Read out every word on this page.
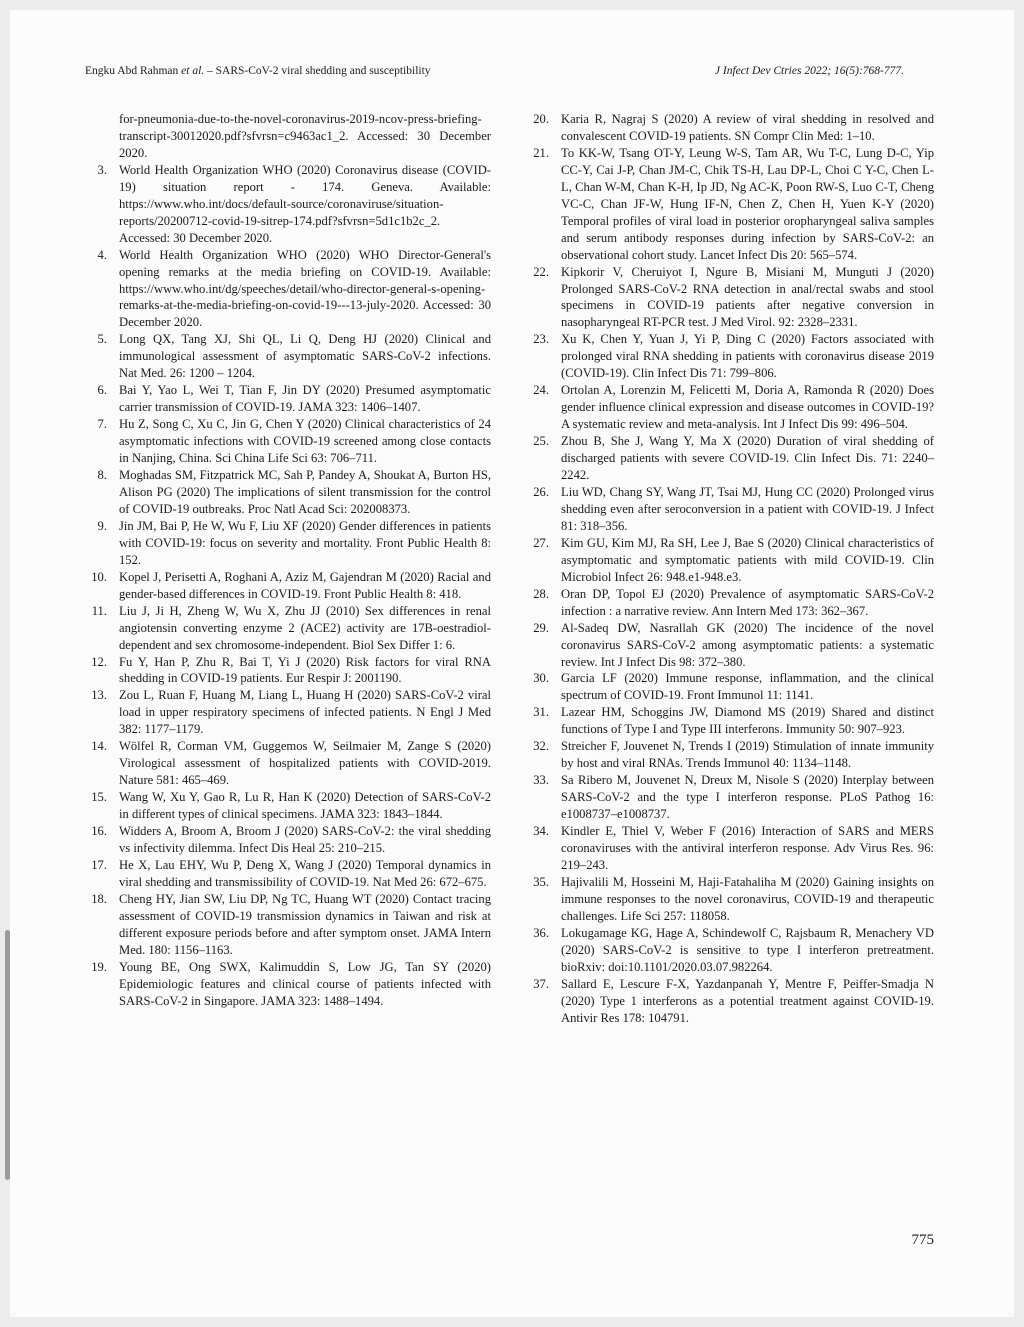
Engku Abd Rahman et al. – SARS-CoV-2 viral shedding and susceptibility	J Infect Dev Ctries 2022; 16(5):768-777.
for-pneumonia-due-to-the-novel-coronavirus-2019-ncov-press-briefing-transcript-30012020.pdf?sfvrsn=c9463ac1_2. Accessed: 30 December 2020.
3. World Health Organization WHO (2020) Coronavirus disease (COVID-19) situation report - 174. Geneva. Available: https://www.who.int/docs/default-source/coronaviruse/situation-reports/20200712-covid-19-sitrep-174.pdf?sfvrsn=5d1c1b2c_2. Accessed: 30 December 2020.
4. World Health Organization WHO (2020) WHO Director-General's opening remarks at the media briefing on COVID-19. Available: https://www.who.int/dg/speeches/detail/who-director-general-s-opening-remarks-at-the-media-briefing-on-covid-19---13-july-2020. Accessed: 30 December 2020.
5. Long QX, Tang XJ, Shi QL, Li Q, Deng HJ (2020) Clinical and immunological assessment of asymptomatic SARS-CoV-2 infections. Nat Med. 26: 1200 – 1204.
6. Bai Y, Yao L, Wei T, Tian F, Jin DY (2020) Presumed asymptomatic carrier transmission of COVID-19. JAMA 323: 1406–1407.
7. Hu Z, Song C, Xu C, Jin G, Chen Y (2020) Clinical characteristics of 24 asymptomatic infections with COVID-19 screened among close contacts in Nanjing, China. Sci China Life Sci 63: 706–711.
8. Moghadas SM, Fitzpatrick MC, Sah P, Pandey A, Shoukat A, Burton HS, Alison PG (2020) The implications of silent transmission for the control of COVID-19 outbreaks. Proc Natl Acad Sci: 202008373.
9. Jin JM, Bai P, He W, Wu F, Liu XF (2020) Gender differences in patients with COVID-19: focus on severity and mortality. Front Public Health 8: 152.
10. Kopel J, Perisetti A, Roghani A, Aziz M, Gajendran M (2020) Racial and gender-based differences in COVID-19. Front Public Health 8: 418.
11. Liu J, Ji H, Zheng W, Wu X, Zhu JJ (2010) Sex differences in renal angiotensin converting enzyme 2 (ACE2) activity are 17B-oestradiol-dependent and sex chromosome-independent. Biol Sex Differ 1: 6.
12. Fu Y, Han P, Zhu R, Bai T, Yi J (2020) Risk factors for viral RNA shedding in COVID-19 patients. Eur Respir J: 2001190.
13. Zou L, Ruan F, Huang M, Liang L, Huang H (2020) SARS-CoV-2 viral load in upper respiratory specimens of infected patients. N Engl J Med 382: 1177–1179.
14. Wölfel R, Corman VM, Guggemos W, Seilmaier M, Zange S (2020) Virological assessment of hospitalized patients with COVID-2019. Nature 581: 465–469.
15. Wang W, Xu Y, Gao R, Lu R, Han K (2020) Detection of SARS-CoV-2 in different types of clinical specimens. JAMA 323: 1843–1844.
16. Widders A, Broom A, Broom J (2020) SARS-CoV-2: the viral shedding vs infectivity dilemma. Infect Dis Heal 25: 210–215.
17. He X, Lau EHY, Wu P, Deng X, Wang J (2020) Temporal dynamics in viral shedding and transmissibility of COVID-19. Nat Med 26: 672–675.
18. Cheng HY, Jian SW, Liu DP, Ng TC, Huang WT (2020) Contact tracing assessment of COVID-19 transmission dynamics in Taiwan and risk at different exposure periods before and after symptom onset. JAMA Intern Med. 180: 1156–1163.
19. Young BE, Ong SWX, Kalimuddin S, Low JG, Tan SY (2020) Epidemiologic features and clinical course of patients infected with SARS-CoV-2 in Singapore. JAMA 323: 1488–1494.
20. Karia R, Nagraj S (2020) A review of viral shedding in resolved and convalescent COVID-19 patients. SN Compr Clin Med: 1–10.
21. To KK-W, Tsang OT-Y, Leung W-S, Tam AR, Wu T-C, Lung D-C, Yip CC-Y, Cai J-P, Chan JM-C, Chik TS-H, Lau DP-L, Choi C Y-C, Chen L-L, Chan W-M, Chan K-H, Ip JD, Ng AC-K, Poon RW-S, Luo C-T, Cheng VC-C, Chan JF-W, Hung IF-N, Chen Z, Chen H, Yuen K-Y (2020) Temporal profiles of viral load in posterior oropharyngeal saliva samples and serum antibody responses during infection by SARS-CoV-2: an observational cohort study. Lancet Infect Dis 20: 565–574.
22. Kipkorir V, Cheruiyot I, Ngure B, Misiani M, Munguti J (2020) Prolonged SARS-CoV-2 RNA detection in anal/rectal swabs and stool specimens in COVID-19 patients after negative conversion in nasopharyngeal RT-PCR test. J Med Virol. 92: 2328–2331.
23. Xu K, Chen Y, Yuan J, Yi P, Ding C (2020) Factors associated with prolonged viral RNA shedding in patients with coronavirus disease 2019 (COVID-19). Clin Infect Dis 71: 799–806.
24. Ortolan A, Lorenzin M, Felicetti M, Doria A, Ramonda R (2020) Does gender influence clinical expression and disease outcomes in COVID-19? A systematic review and meta-analysis. Int J Infect Dis 99: 496–504.
25. Zhou B, She J, Wang Y, Ma X (2020) Duration of viral shedding of discharged patients with severe COVID-19. Clin Infect Dis. 71: 2240–2242.
26. Liu WD, Chang SY, Wang JT, Tsai MJ, Hung CC (2020) Prolonged virus shedding even after seroconversion in a patient with COVID-19. J Infect 81: 318–356.
27. Kim GU, Kim MJ, Ra SH, Lee J, Bae S (2020) Clinical characteristics of asymptomatic and symptomatic patients with mild COVID-19. Clin Microbiol Infect 26: 948.e1-948.e3.
28. Oran DP, Topol EJ (2020) Prevalence of asymptomatic SARS-CoV-2 infection : a narrative review. Ann Intern Med 173: 362–367.
29. Al-Sadeq DW, Nasrallah GK (2020) The incidence of the novel coronavirus SARS-CoV-2 among asymptomatic patients: a systematic review. Int J Infect Dis 98: 372–380.
30. Garcia LF (2020) Immune response, inflammation, and the clinical spectrum of COVID-19. Front Immunol 11: 1141.
31. Lazear HM, Schoggins JW, Diamond MS (2019) Shared and distinct functions of Type I and Type III interferons. Immunity 50: 907–923.
32. Streicher F, Jouvenet N, Trends I (2019) Stimulation of innate immunity by host and viral RNAs. Trends Immunol 40: 1134–1148.
33. Sa Ribero M, Jouvenet N, Dreux M, Nisole S (2020) Interplay between SARS-CoV-2 and the type I interferon response. PLoS Pathog 16: e1008737–e1008737.
34. Kindler E, Thiel V, Weber F (2016) Interaction of SARS and MERS coronaviruses with the antiviral interferon response. Adv Virus Res. 96: 219–243.
35. Hajivalili M, Hosseini M, Haji-Fatahaliha M (2020) Gaining insights on immune responses to the novel coronavirus, COVID-19 and therapeutic challenges. Life Sci 257: 118058.
36. Lokugamage KG, Hage A, Schindewolf C, Rajsbaum R, Menachery VD (2020) SARS-CoV-2 is sensitive to type I interferon pretreatment. bioRxiv: doi:10.1101/2020.03.07.982264.
37. Sallard E, Lescure F-X, Yazdanpanah Y, Mentre F, Peiffer-Smadja N (2020) Type 1 interferons as a potential treatment against COVID-19. Antivir Res 178: 104791.
775
